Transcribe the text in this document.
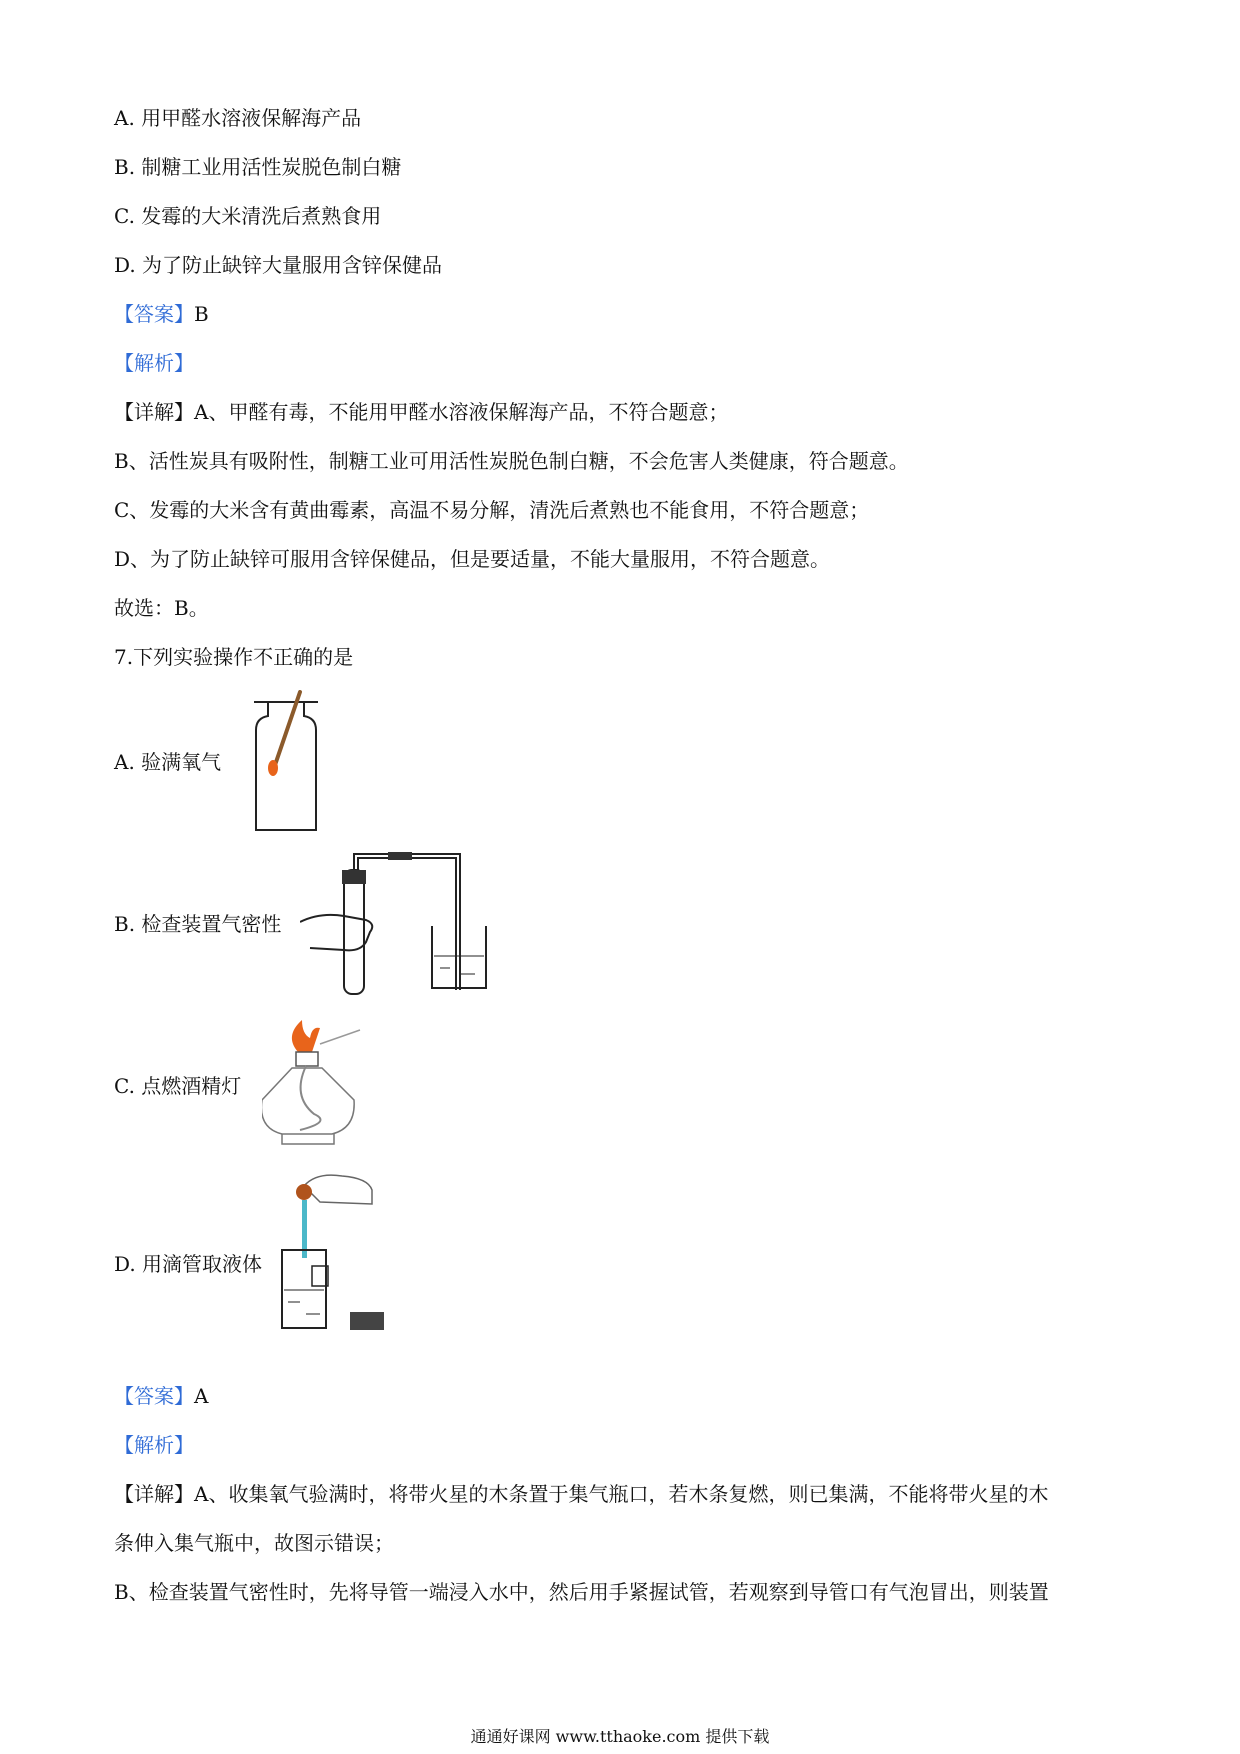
A. 用甲醛水溶液保解海产品
B. 制糖工业用活性炭脱色制白糖
C. 发霉的大米清洗后煮熟食用
D. 为了防止缺锌大量服用含锌保健品
【答案】B
【解析】
【详解】A、甲醛有毒，不能用甲醛水溶液保解海产品，不符合题意；
B、活性炭具有吸附性，制糖工业可用活性炭脱色制白糖，不会危害人类健康，符合题意。
C、发霉的大米含有黄曲霉素，高温不易分解，清洗后煮熟也不能食用，不符合题意；
D、为了防止缺锌可服用含锌保健品，但是要适量，不能大量服用，不符合题意。
故选：B。
7.下列实验操作不正确的是
A. 验满氧气
B. 检查装置气密性
C. 点燃酒精灯
D. 用滴管取液体
【答案】A
【解析】
【详解】A、收集氧气验满时，将带火星的木条置于集气瓶口，若木条复燃，则已集满，不能将带火星的木
条伸入集气瓶中，故图示错误；
B、检查装置气密性时，先将导管一端浸入水中，然后用手紧握试管，若观察到导管口有气泡冒出，则装置
通通好课网 www.tthaoke.com 提供下载
